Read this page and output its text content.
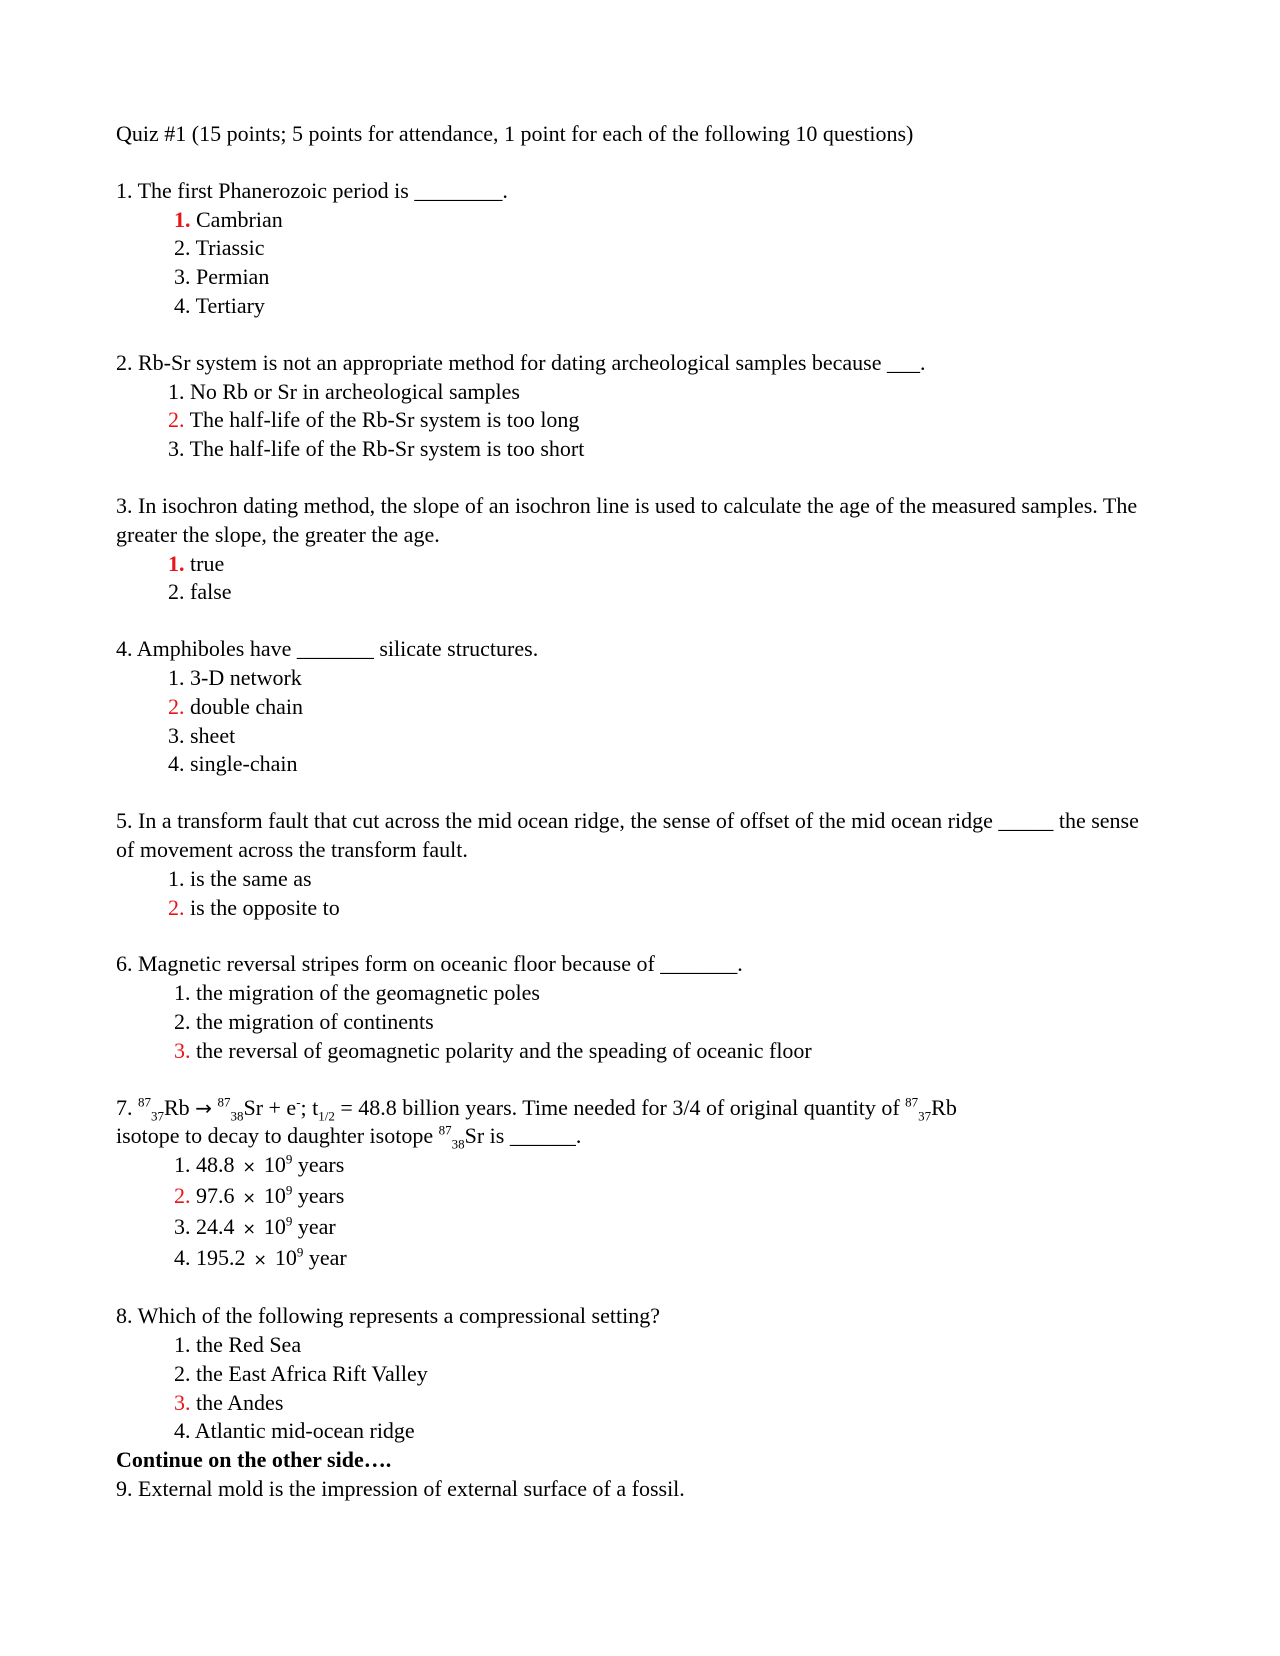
Quiz #1 (15 points; 5 points for attendance, 1 point for each of the following 10 questions)

1. The first Phanerozoic period is ________.

1. Cambrian
2. Triassic
3. Permian
4. Tertiary

2. Rb-Sr system is not an appropriate method for dating archeological samples because ___.

1. No Rb or Sr in archeological samples
2. The half-life of the Rb-Sr system is too long
3. The half-life of the Rb-Sr system is too short

3. In isochron dating method, the slope of an isochron line is used to calculate the age of the measured samples. The greater the slope, the greater the age.

1. true
2. false

4. Amphiboles have _______ silicate structures.

1. 3-D network
2. double chain
3. sheet
4. single-chain

5. In a transform fault that cut across the mid ocean ridge, the sense of offset of the mid ocean ridge _____ the sense of movement across the transform fault.

1. is the same as
2. is the opposite to

6. Magnetic reversal stripes form on oceanic floor because of _______.

1. the migration of the geomagnetic poles
2. the migration of continents
3. the reversal of geomagnetic polarity and the speading of oceanic floor

7. $^{87}_{37}$Rb → $^{87}_{38}$Sr + e-; $t_{1/2} = 48.8$ billion years. Time needed for 3/4 of original quantity of $^{87}_{37}$Rb
isotope to decay to daughter isotope $^{87}_{38}$Sr is ______.

1. $48.8 \times 10^9$ years
2. $97.6 \times 10^9$ years
3. $24.4 \times 10^9$ year
4. $195.2 \times 10^9$ year

8. Which of the following represents a compressional setting?

1. the Red Sea
2. the East Africa Rift Valley
3. the Andes
4. Atlantic mid-ocean ridge

Continue on the other side….

9. External mold is the impression of external surface of a fossil.
